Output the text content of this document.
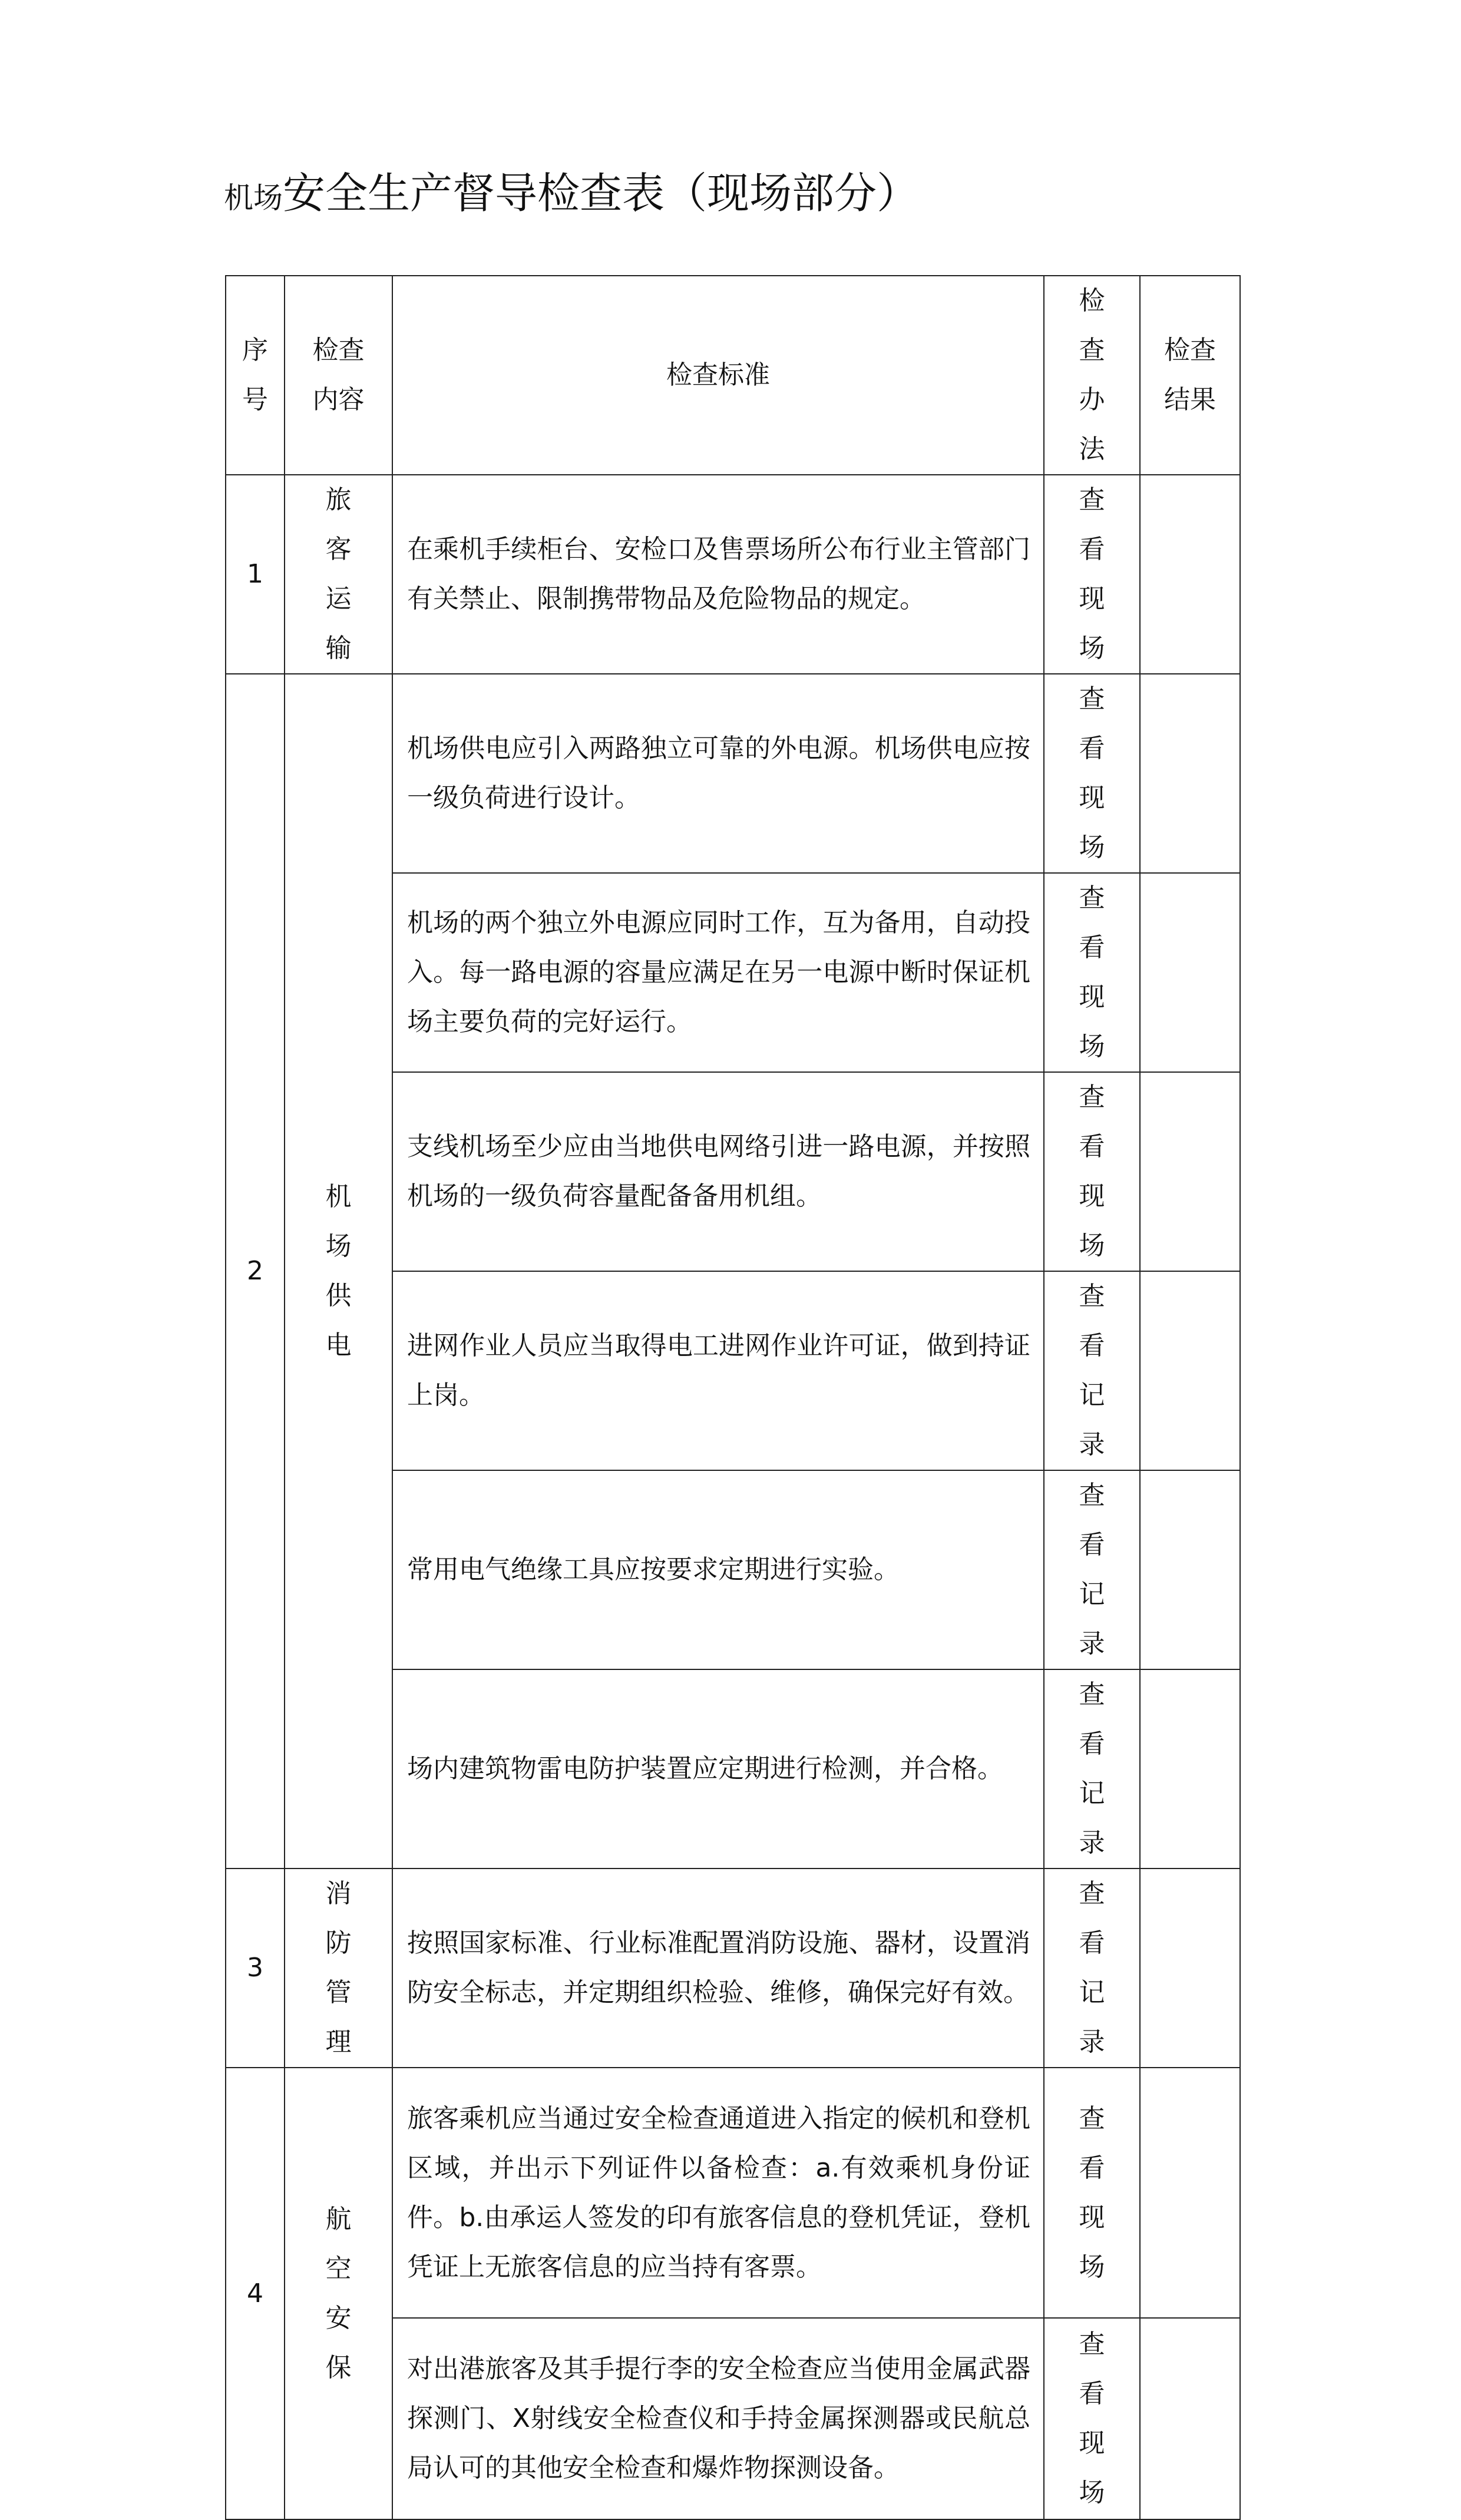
机场安全生产督导检查表（现场部分）
序号	检查内容	检查标准	检查办法	检查结果
1	旅客运输	在乘机手续柜台、安检口及售票场所公布行业主管部门有关禁止、限制携带物品及危险物品的规定。	查看现场	
2	机场供电	机场供电应引入两路独立可靠的外电源。机场供电应按一级负荷进行设计。	查看现场	

		机场的两个独立外电源应同时工作，互为备用，自动投入。每一路电源的容量应满足在另一电源中断时保证机场主要负荷的完好运行。	查看现场	

		支线机场至少应由当地供电网络引进一路电源，并按照机场的一级负荷容量配备备用机组。	查看现场	

		进网作业人员应当取得电工进网作业许可证，做到持证上岗。	查看记录	

		常用电气绝缘工具应按要求定期进行实验。	查看记录	

		场内建筑物雷电防护装置应定期进行检测，并合格。	查看记录	
3	消防管理	按照国家标准、行业标准配置消防设施、器材，设置消防安全标志，并定期组织检验、维修，确保完好有效。	查看记录	
4	航空安保	旅客乘机应当通过安全检查通道进入指定的候机和登机区域，并出示下列证件以备检查：a.有效乘机身份证件。b.由承运人签发的印有旅客信息的登机凭证，登机凭证上无旅客信息的应当持有客票。	查看现场	

		对出港旅客及其手提行李的安全检查应当使用金属武器探测门、X射线安全检查仪和手持金属探测器或民航总局认可的其他安全检查和爆炸物探测设备。	查看现场	
